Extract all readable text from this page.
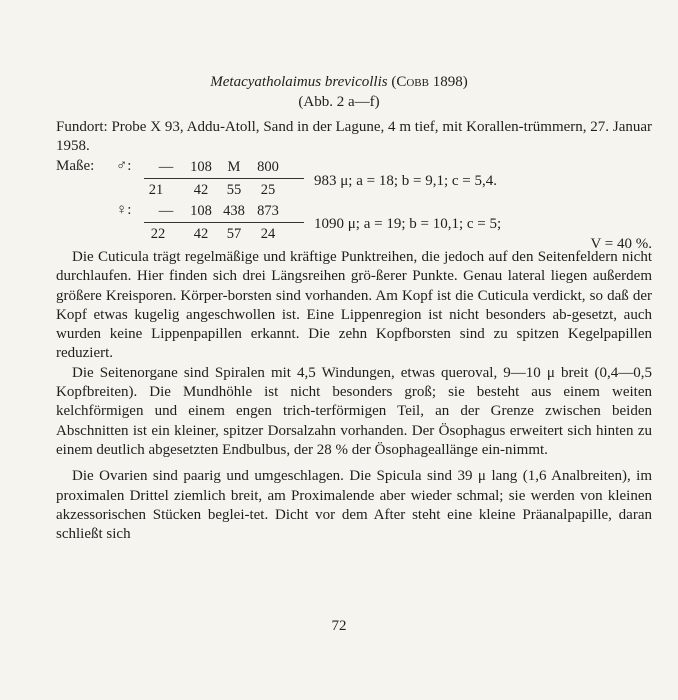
Metacyatholaimus brevicollis (Cobb 1898)
(Abb. 2 a—f)
Fundort: Probe X 93, Addu-Atoll, Sand in der Lagune, 4 m tief, mit Korallen-trümmern, 27. Januar 1958.
Maße: ♂:	—	108	M	800
21	42	55	25
983 μ; a = 18; b = 9,1; c = 5,4.
♀:	—	108 438 873
22	42	57	24
1090 μ; a = 19; b = 10,1; c = 5;
V = 40 %.

Die Cuticula trägt regelmäßige und kräftige Punktreihen, die jedoch auf den Seitenfeldern nicht durchlaufen. Hier finden sich drei Längsreihen grö-ßerer Punkte. Genau lateral liegen außerdem größere Kreisporen. Körper-borsten sind vorhanden. Am Kopf ist die Cuticula verdickt, so daß der Kopf etwas kugelig angeschwollen ist. Eine Lippenregion ist nicht besonders ab-gesetzt, auch wurden keine Lippenpapillen erkannt. Die zehn Kopfborsten sind zu spitzen Kegelpapillen reduziert.

Die Seitenorgane sind Spiralen mit 4,5 Windungen, etwas queroval, 9—10 μ breit (0,4—0,5 Kopfbreiten). Die Mundhöhle ist nicht besonders groß; sie besteht aus einem weiten kelchförmigen und einem engen trich-terförmigen Teil, an der Grenze zwischen beiden Abschnitten ist ein kleiner, spitzer Dorsalzahn vorhanden. Der Ösophagus erweitert sich hinten zu einem deutlich abgesetzten Endbulbus, der 28 % der Ösophageallänge ein-nimmt.

Die Ovarien sind paarig und umgeschlagen. Die Spicula sind 39 μ lang (1,6 Analbreiten), im proximalen Drittel ziemlich breit, am Proximalende aber wieder schmal; sie werden von kleinen akzessorischen Stücken beglei-tet. Dicht vor dem After steht eine kleine Präanalpapille, daran schließt sich

72
